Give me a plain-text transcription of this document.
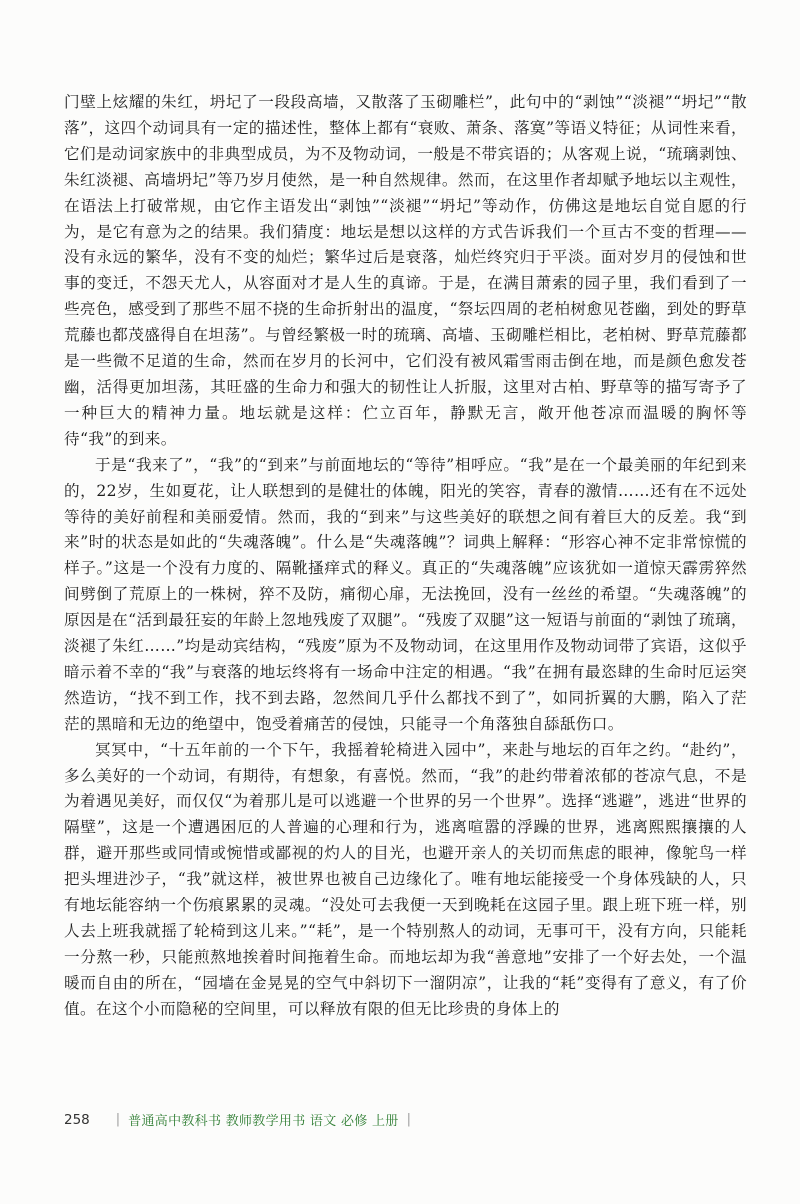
门壁上炫耀的朱红，坍圮了一段段高墙，又散落了玉砌雕栏”，此句中的“剥蚀”“淡褪”“坍圮”“散落”，这四个动词具有一定的描述性，整体上都有“衰败、萧条、落寞”等语义特征；从词性来看，它们是动词家族中的非典型成员，为不及物动词，一般是不带宾语的；从客观上说，“琉璃剥蚀、朱红淡褪、高墙坍圮”等乃岁月使然，是一种自然规律。然而，在这里作者却赋予地坛以主观性，在语法上打破常规，由它作主语发出“剥蚀”“淡褪”“坍圮”等动作，仿佛这是地坛自觉自愿的行为，是它有意为之的结果。我们猜度：地坛是想以这样的方式告诉我们一个亘古不变的哲理——没有永远的繁华，没有不变的灿烂；繁华过后是衰落，灿烂终究归于平淡。面对岁月的侵蚀和世事的变迁，不怨天尤人，从容面对才是人生的真谛。于是，在满目萧索的园子里，我们看到了一些亮色，感受到了那些不屈不挠的生命折射出的温度，“祭坛四周的老柏树愈见苍幽，到处的野草荒藤也都茂盛得自在坦荡”。与曾经繁极一时的琉璃、高墙、玉砌雕栏相比，老柏树、野草荒藤都是一些微不足道的生命，然而在岁月的长河中，它们没有被风霜雪雨击倒在地，而是颜色愈发苍幽，活得更加坦荡，其旺盛的生命力和强大的韧性让人折服，这里对古柏、野草等的描写寄予了一种巨大的精神力量。地坛就是这样：伫立百年，静默无言，敞开他苍凉而温暖的胸怀等待“我”的到来。

于是“我来了”，“我”的“到来”与前面地坛的“等待”相呼应。“我”是在一个最美丽的年纪到来的，22岁，生如夏花，让人联想到的是健壮的体魄，阳光的笑容，青春的激情……还有在不远处等待的美好前程和美丽爱情。然而，我的“到来”与这些美好的联想之间有着巨大的反差。我“到来”时的状态是如此的“失魂落魄”。什么是“失魂落魄”？词典上解释：“形容心神不定非常惊慌的样子。”这是一个没有力度的、隔靴搔痒式的释义。真正的“失魂落魄”应该犹如一道惊天霹雳猝然间劈倒了荒原上的一株树，猝不及防，痛彻心扉，无法挽回，没有一丝丝的希望。“失魂落魄”的原因是在“活到最狂妄的年龄上忽地残废了双腿”。“残废了双腿”这一短语与前面的“剥蚀了琉璃，淡褪了朱红……”均是动宾结构，“残废”原为不及物动词，在这里用作及物动词带了宾语，这似乎暗示着不幸的“我”与衰落的地坛终将有一场命中注定的相遇。“我”在拥有最恣肆的生命时厄运突然造访，“找不到工作，找不到去路，忽然间几乎什么都找不到了”，如同折翼的大鹏，陷入了茫茫的黑暗和无边的绝望中，饱受着痛苦的侵蚀，只能寻一个角落独自舔舐伤口。

冥冥中，“十五年前的一个下午，我摇着轮椅进入园中”，来赴与地坛的百年之约。“赴约”，多么美好的一个动词，有期待，有想象，有喜悦。然而，“我”的赴约带着浓郁的苍凉气息，不是为着遇见美好，而仅仅“为着那儿是可以逃避一个世界的另一个世界”。选择“逃避”，逃进“世界的隔壁”，这是一个遭遇困厄的人普遍的心理和行为，逃离喧嚣的浮躁的世界，逃离熙熙攘攘的人群，避开那些或同情或惋惜或鄙视的灼人的目光，也避开亲人的关切而焦虑的眼神，像鸵鸟一样把头埋进沙子，“我”就这样，被世界也被自己边缘化了。唯有地坛能接受一个身体残缺的人，只有地坛能容纳一个伤痕累累的灵魂。“没处可去我便一天到晚耗在这园子里。跟上班下班一样，别人去上班我就摇了轮椅到这儿来。”“耗”，是一个特别熬人的动词，无事可干，没有方向，只能耗一分熬一秒，只能煎熬地挨着时间拖着生命。而地坛却为我“善意地”安排了一个好去处，一个温暖而自由的所在，“园墙在金晃晃的空气中斜切下一溜阴凉”，让我的“耗”变得有了意义，有了价值。在这个小而隐秘的空间里，可以释放有限的但无比珍贵的身体上的

258 | 普通高中教科书 教师教学用书 语文 必修 上册 |
